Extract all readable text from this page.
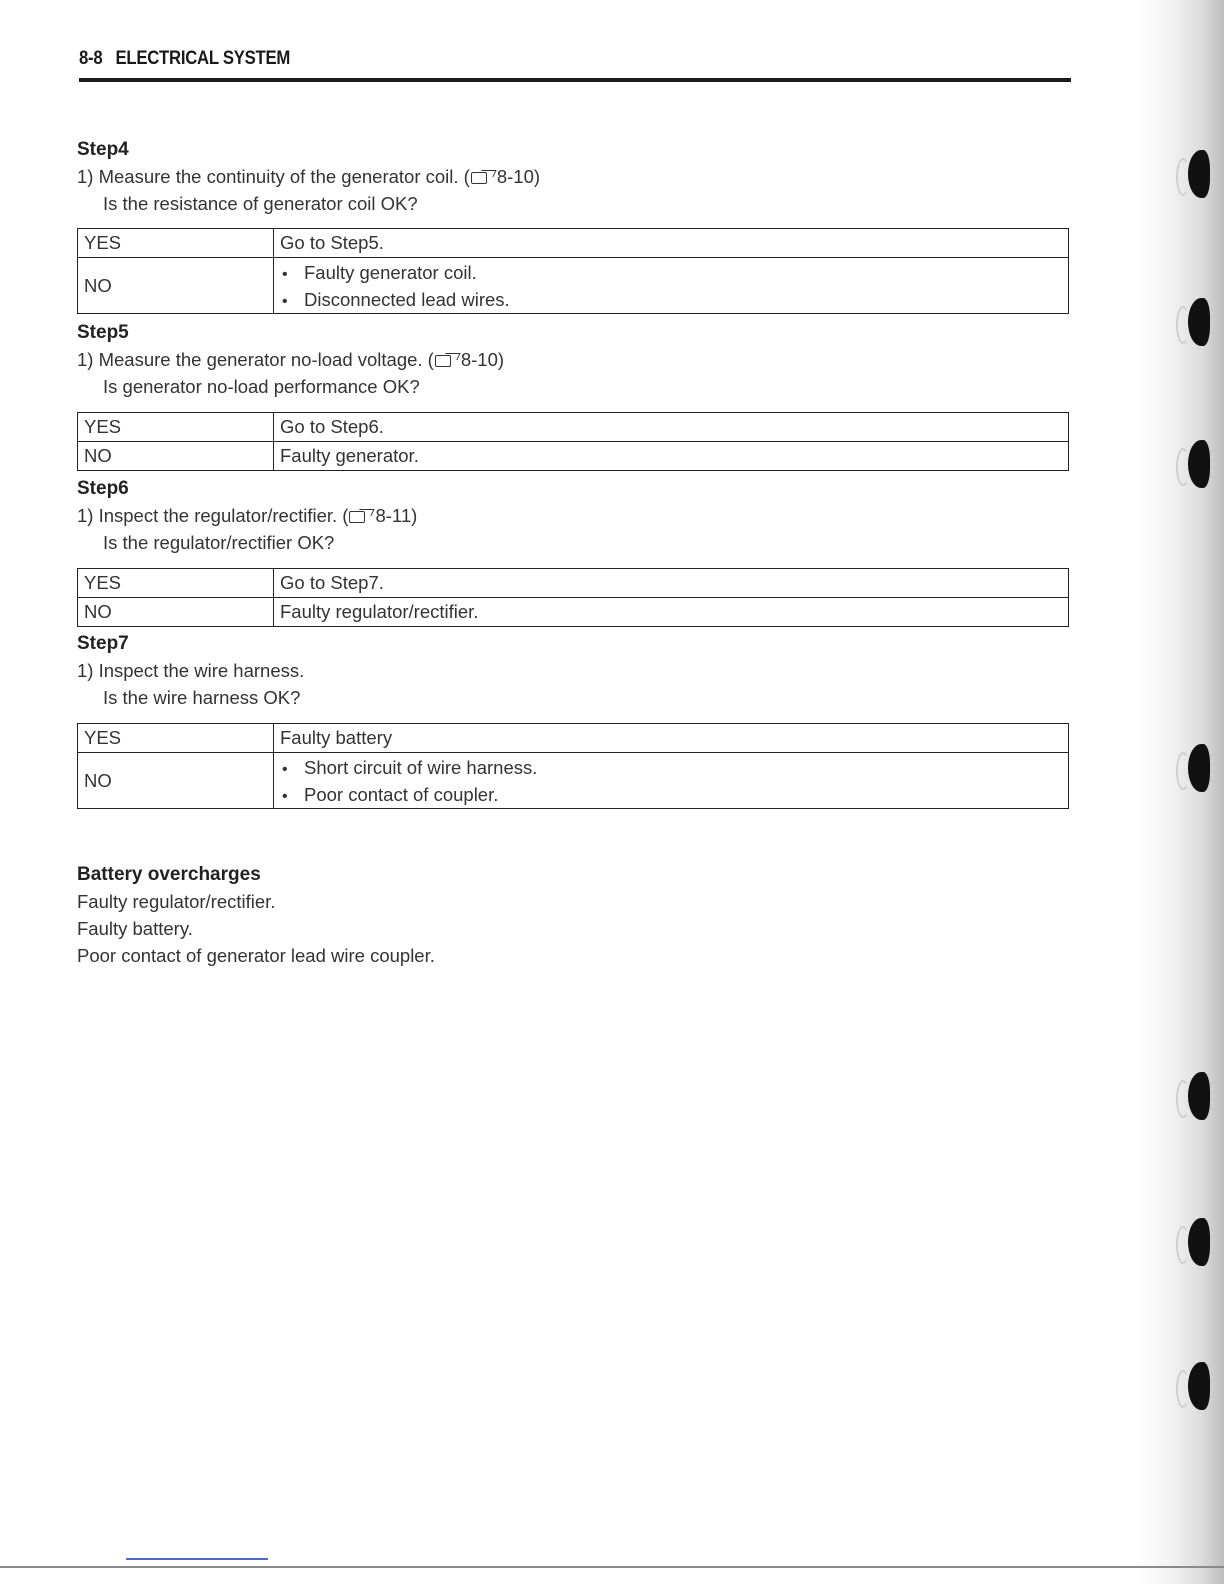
8-8 ELECTRICAL SYSTEM
Step4
1) Measure the continuity of the generator coil. ( 8-10)
Is the resistance of generator coil OK?
YES	Go to Step5.
NO	• Faulty generator coil.
• Disconnected lead wires.
Step5
1) Measure the generator no-load voltage. ( 8-10)
Is generator no-load performance OK?
YES	Go to Step6.
NO	Faulty generator.
Step6
1) Inspect the regulator/rectifier. ( 8-11)
Is the regulator/rectifier OK?
YES	Go to Step7.
NO	Faulty regulator/rectifier.
Step7
1) Inspect the wire harness.
Is the wire harness OK?
YES	Faulty battery
NO	• Short circuit of wire harness.
• Poor contact of coupler.
Battery overcharges
Faulty regulator/rectifier.
Faulty battery.
Poor contact of generator lead wire coupler.
